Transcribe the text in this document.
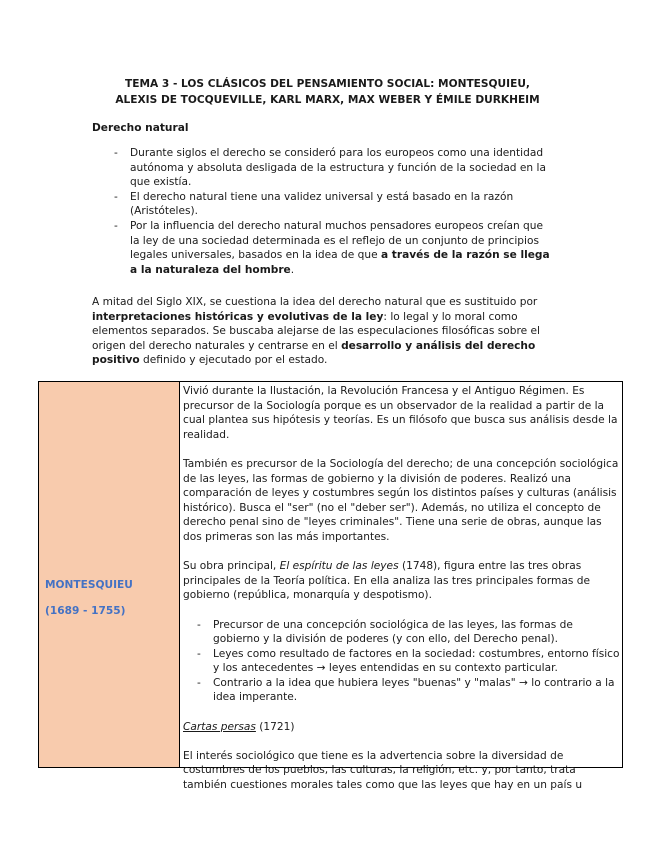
TEMA 3 - LOS CLÁSICOS DEL PENSAMIENTO SOCIAL: MONTESQUIEU,
ALEXIS DE TOCQUEVILLE, KARL MARX, MAX WEBER Y ÉMILE DURKHEIM
Derecho natural
- Durante siglos el derecho se consideró para los europeos como una identidad autónoma y absoluta desligada de la estructura y función de la sociedad en la que existía.
- El derecho natural tiene una validez universal y está basado en la razón (Aristóteles).
- Por la influencia del derecho natural muchos pensadores europeos creían que la ley de una sociedad determinada es el reflejo de un conjunto de principios legales universales, basados en la idea de que a través de la razón se llega a la naturaleza del hombre.

A mitad del Siglo XIX, se cuestiona la idea del derecho natural que es sustituido por interpretaciones históricas y evolutivas de la ley: lo legal y lo moral como elementos separados. Se buscaba alejarse de las especulaciones filosóficas sobre el origen del derecho naturales y centrarse en el desarrollo y análisis del derecho positivo definido y ejecutado por el estado.

MONTESQUIEU
(1689 - 1755)

Vivió durante la Ilustación, la Revolución Francesa y el Antiguo Régimen. Es precursor de la Sociología porque es un observador de la realidad a partir de la cual plantea sus hipótesis y teorías. Es un filósofo que busca sus análisis desde la realidad.

También es precursor de la Sociología del derecho; de una concepción sociológica de las leyes, las formas de gobierno y la división de poderes. Realizó una comparación de leyes y costumbres según los distintos países y culturas (análisis histórico). Busca el "ser" (no el "deber ser"). Además, no utiliza el concepto de derecho penal sino de "leyes criminales". Tiene una serie de obras, aunque las dos primeras son las más importantes.

Su obra principal, El espíritu de las leyes (1748), figura entre las tres obras principales de la Teoría política. En ella analiza las tres principales formas de gobierno (república, monarquía y despotismo).

- Precursor de una concepción sociológica de las leyes, las formas de gobierno y la división de poderes (y con ello, del Derecho penal).
- Leyes como resultado de factores en la sociedad: costumbres, entorno físico y los antecedentes → leyes entendidas en su contexto particular.
- Contrario a la idea que hubiera leyes "buenas" y "malas" → lo contrario a la idea imperante.

Cartas persas (1721)

El interés sociológico que tiene es la advertencia sobre la diversidad de costumbres de los pueblos, las culturas, la religión, etc. y, por tanto, trata también cuestiones morales tales como que las leyes que hay en un país u
